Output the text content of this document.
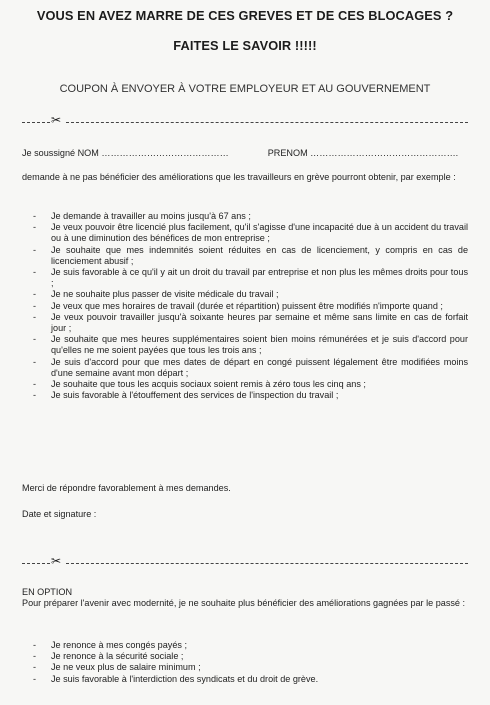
VOUS EN AVEZ MARRE DE CES GREVES ET DE CES BLOCAGES ?
FAITES LE SAVOIR !!!!!
COUPON À ENVOYER À VOTRE EMPLOYEUR ET AU GOUVERNEMENT
✂
Je soussigné NOM ……………………………………	PRENOM ………………………………………….
demande à ne pas bénéficier des améliorations que les travailleurs en grève pourront obtenir, par exemple :
- Je demande à travailler au moins jusqu'à 67 ans ;
- Je veux pouvoir être licencié plus facilement, qu'il s'agisse d'une incapacité due à un accident du travail ou à une diminution des bénéfices de mon entreprise ;
- Je souhaite que mes indemnités soient réduites en cas de licenciement, y compris en cas de licenciement abusif ;
- Je suis favorable à ce qu'il y ait un droit du travail par entreprise et non plus les mêmes droits pour tous ;
- Je ne souhaite plus passer de visite médicale du travail ;
- Je veux que mes horaires de travail (durée et répartition) puissent être modifiés n'importe quand ;
- Je veux pouvoir travailler jusqu'à soixante heures par semaine et même sans limite en cas de forfait jour ;
- Je souhaite que mes heures supplémentaires soient bien moins rémunérées et je suis d'accord pour qu'elles ne me soient payées que tous les trois ans ;
- Je suis d'accord pour que mes dates de départ en congé puissent légalement être modifiées moins d'une semaine avant mon départ ;
- Je souhaite que tous les acquis sociaux soient remis à zéro tous les cinq ans ;
- Je suis favorable à l'étouffement des services de l'inspection du travail ;
Merci de répondre favorablement à mes demandes.
Date et signature :
✂
EN OPTION
Pour préparer l'avenir avec modernité, je ne souhaite plus bénéficier des améliorations gagnées par le passé :
- Je renonce à mes congés payés ;
- Je renonce à la sécurité sociale ;
- Je ne veux plus de salaire minimum ;
- Je suis favorable à l'interdiction des syndicats et du droit de grève.
